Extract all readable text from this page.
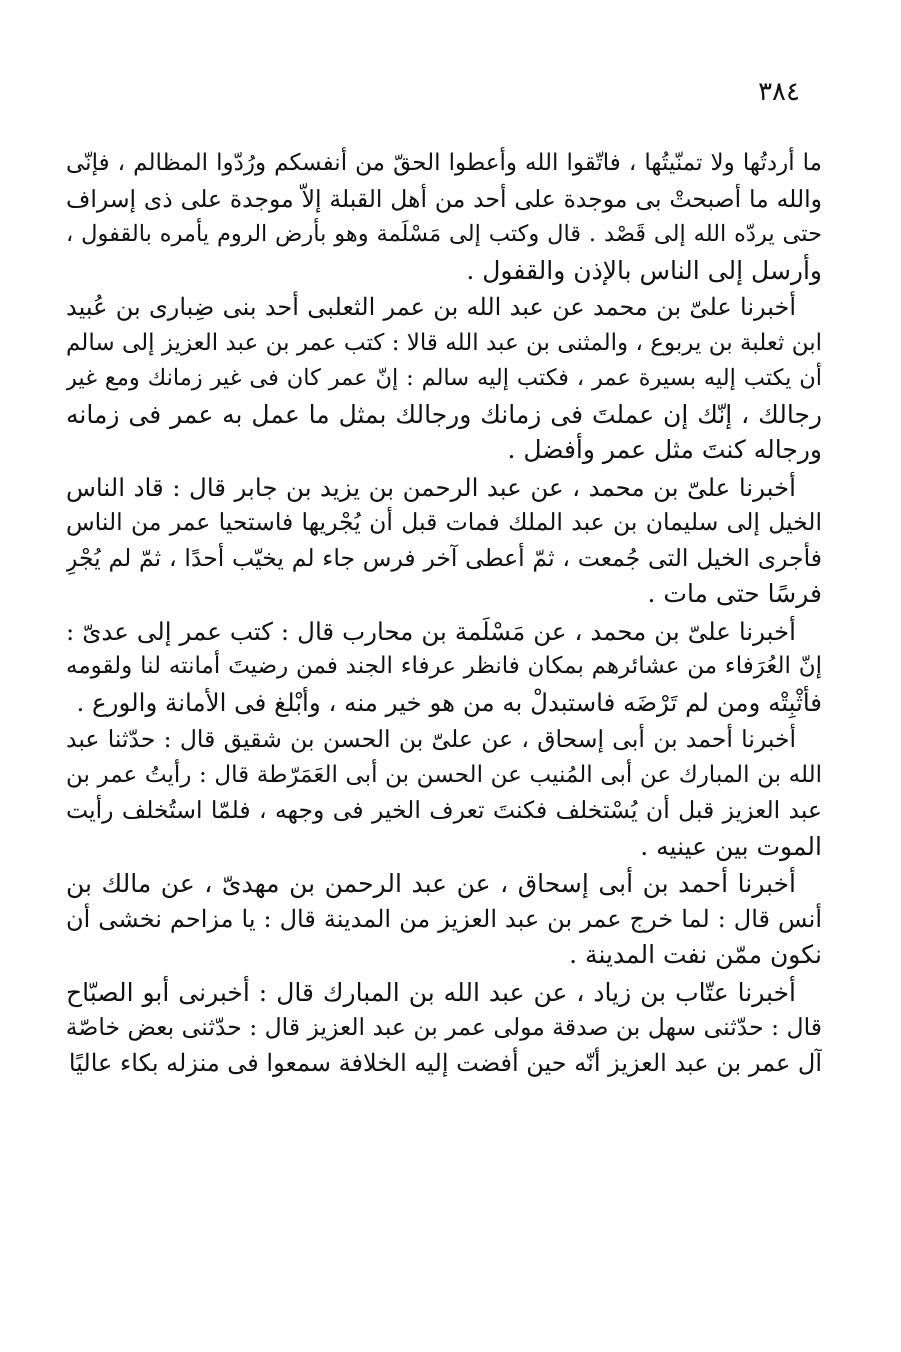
٣٨٤
ما أردتُها ولا تمنّيتُها ، فاتّقوا الله وأعطوا الحقّ من أنفسكم ورُدّوا المظالم ، فإنّى
والله ما أصبحتْ بى موجدة على أحد من أهل القبلة إلاّ موجدة على ذى إسراف
حتى يردّه الله إلى قَصْد . قال وكتب إلى مَسْلَمة وهو بأرض الروم يأمره بالقفول ،
وأرسل إلى الناس بالإذن والقفول .
أخبرنا علىّ بن محمد عن عبد الله بن عمر الثعلبى أحد بنى ضِبارى بن عُبيد
ابن ثعلبة بن يربوع ، والمثنى بن عبد الله قالا : كتب عمر بن عبد العزيز إلى سالم
أن يكتب إليه بسيرة عمر ، فكتب إليه سالم : إنّ عمر كان فى غير زمانك ومع غير
رجالك ، إنّك إن عملتَ فى زمانك ورجالك بمثل ما عمل به عمر فى زمانه
ورجاله كنتَ مثل عمر وأفضل .
أخبرنا علىّ بن محمد ، عن عبد الرحمن بن يزيد بن جابر قال : قاد الناس
الخيل إلى سليمان بن عبد الملك فمات قبل أن يُجْريها فاستحيا عمر من الناس
فأجرى الخيل التى جُمعت ، ثمّ أعطى آخر فرس جاء لم يخيّب أحدًا ، ثمّ لم يُجْرِ
فرسًا حتى مات .
أخبرنا علىّ بن محمد ، عن مَسْلَمة بن محارب قال : كتب عمر إلى عدىّ :
إنّ العُرَفاء من عشائرهم بمكان فانظر عرفاء الجند فمن رضيتَ أمانته لنا ولقومه
فأثْبِتْه ومن لم تَرْضَه فاستبدلْ به من هو خير منه ، وأبْلغ فى الأمانة والورع .
أخبرنا أحمد بن أبى إسحاق ، عن علىّ بن الحسن بن شقيق قال : حدّثنا عبد
الله بن المبارك عن أبى المُنيب عن الحسن بن أبى العَمَرّطة قال : رأيتُ عمر بن
عبد العزيز قبل أن يُسْتخلف فكنتَ تعرف الخير فى وجهه ، فلمّا استُخلف رأيت
الموت بين عينيه .
أخبرنا أحمد بن أبى إسحاق ، عن عبد الرحمن بن مهدىّ ، عن مالك بن
أنس قال : لما خرج عمر بن عبد العزيز من المدينة قال : يا مزاحم نخشى أن
نكون ممّن نفت المدينة .
أخبرنا عتّاب بن زياد ، عن عبد الله بن المبارك قال : أخبرنى أبو الصبّاح
قال : حدّثنى سهل بن صدقة مولى عمر بن عبد العزيز قال : حدّثنى بعض خاصّة
آل عمر بن عبد العزيز أنّه حين أفضت إليه الخلافة سمعوا فى منزله بكاء عاليًا
